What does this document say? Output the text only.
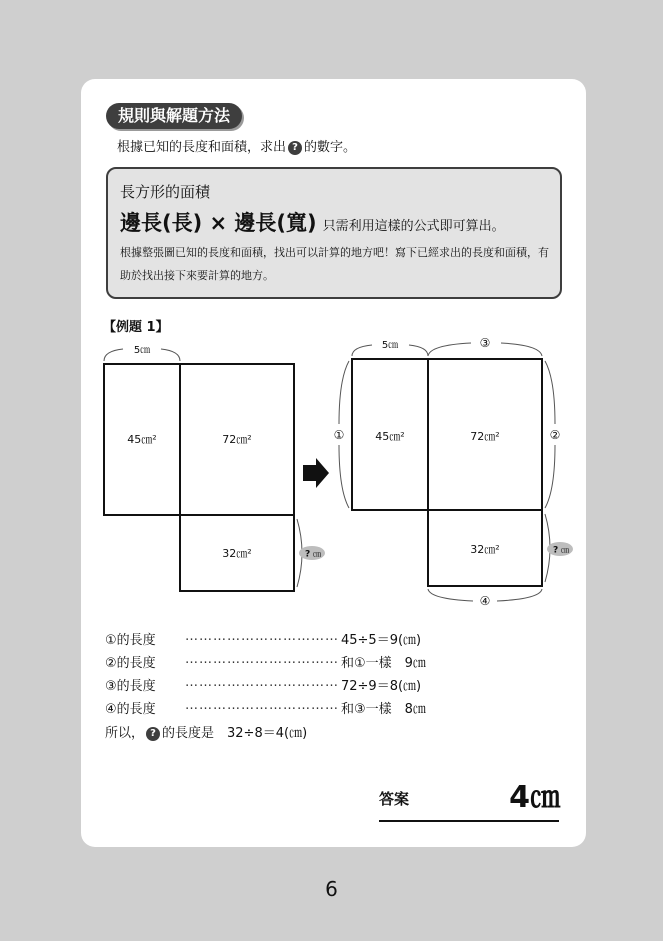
規則與解題方法
根據已知的長度和面積，求出 ? 的數字。
長方形的面積
邊長(長) × 邊長(寬) 只需利用這樣的公式即可算出。
根據整張圖已知的長度和面積，找出可以計算的地方吧！寫下已經求出的長度和面積，有助於找出接下來要計算的地方。
【例題 1】
5㎝
45㎝²	72㎝²
32㎝²	? ㎝
5㎝	③
①	②
④
45㎝²	72㎝²
32㎝²	? ㎝
①的長度 …………………………… 45÷5＝9(㎝)
②的長度 …………………………… 和①一樣　9㎝
③的長度 …………………………… 72÷9＝8(㎝)
④的長度 …………………………… 和③一樣　8㎝
所以， ? 的長度是　32÷8＝4(㎝)
答案	4㎝
6
